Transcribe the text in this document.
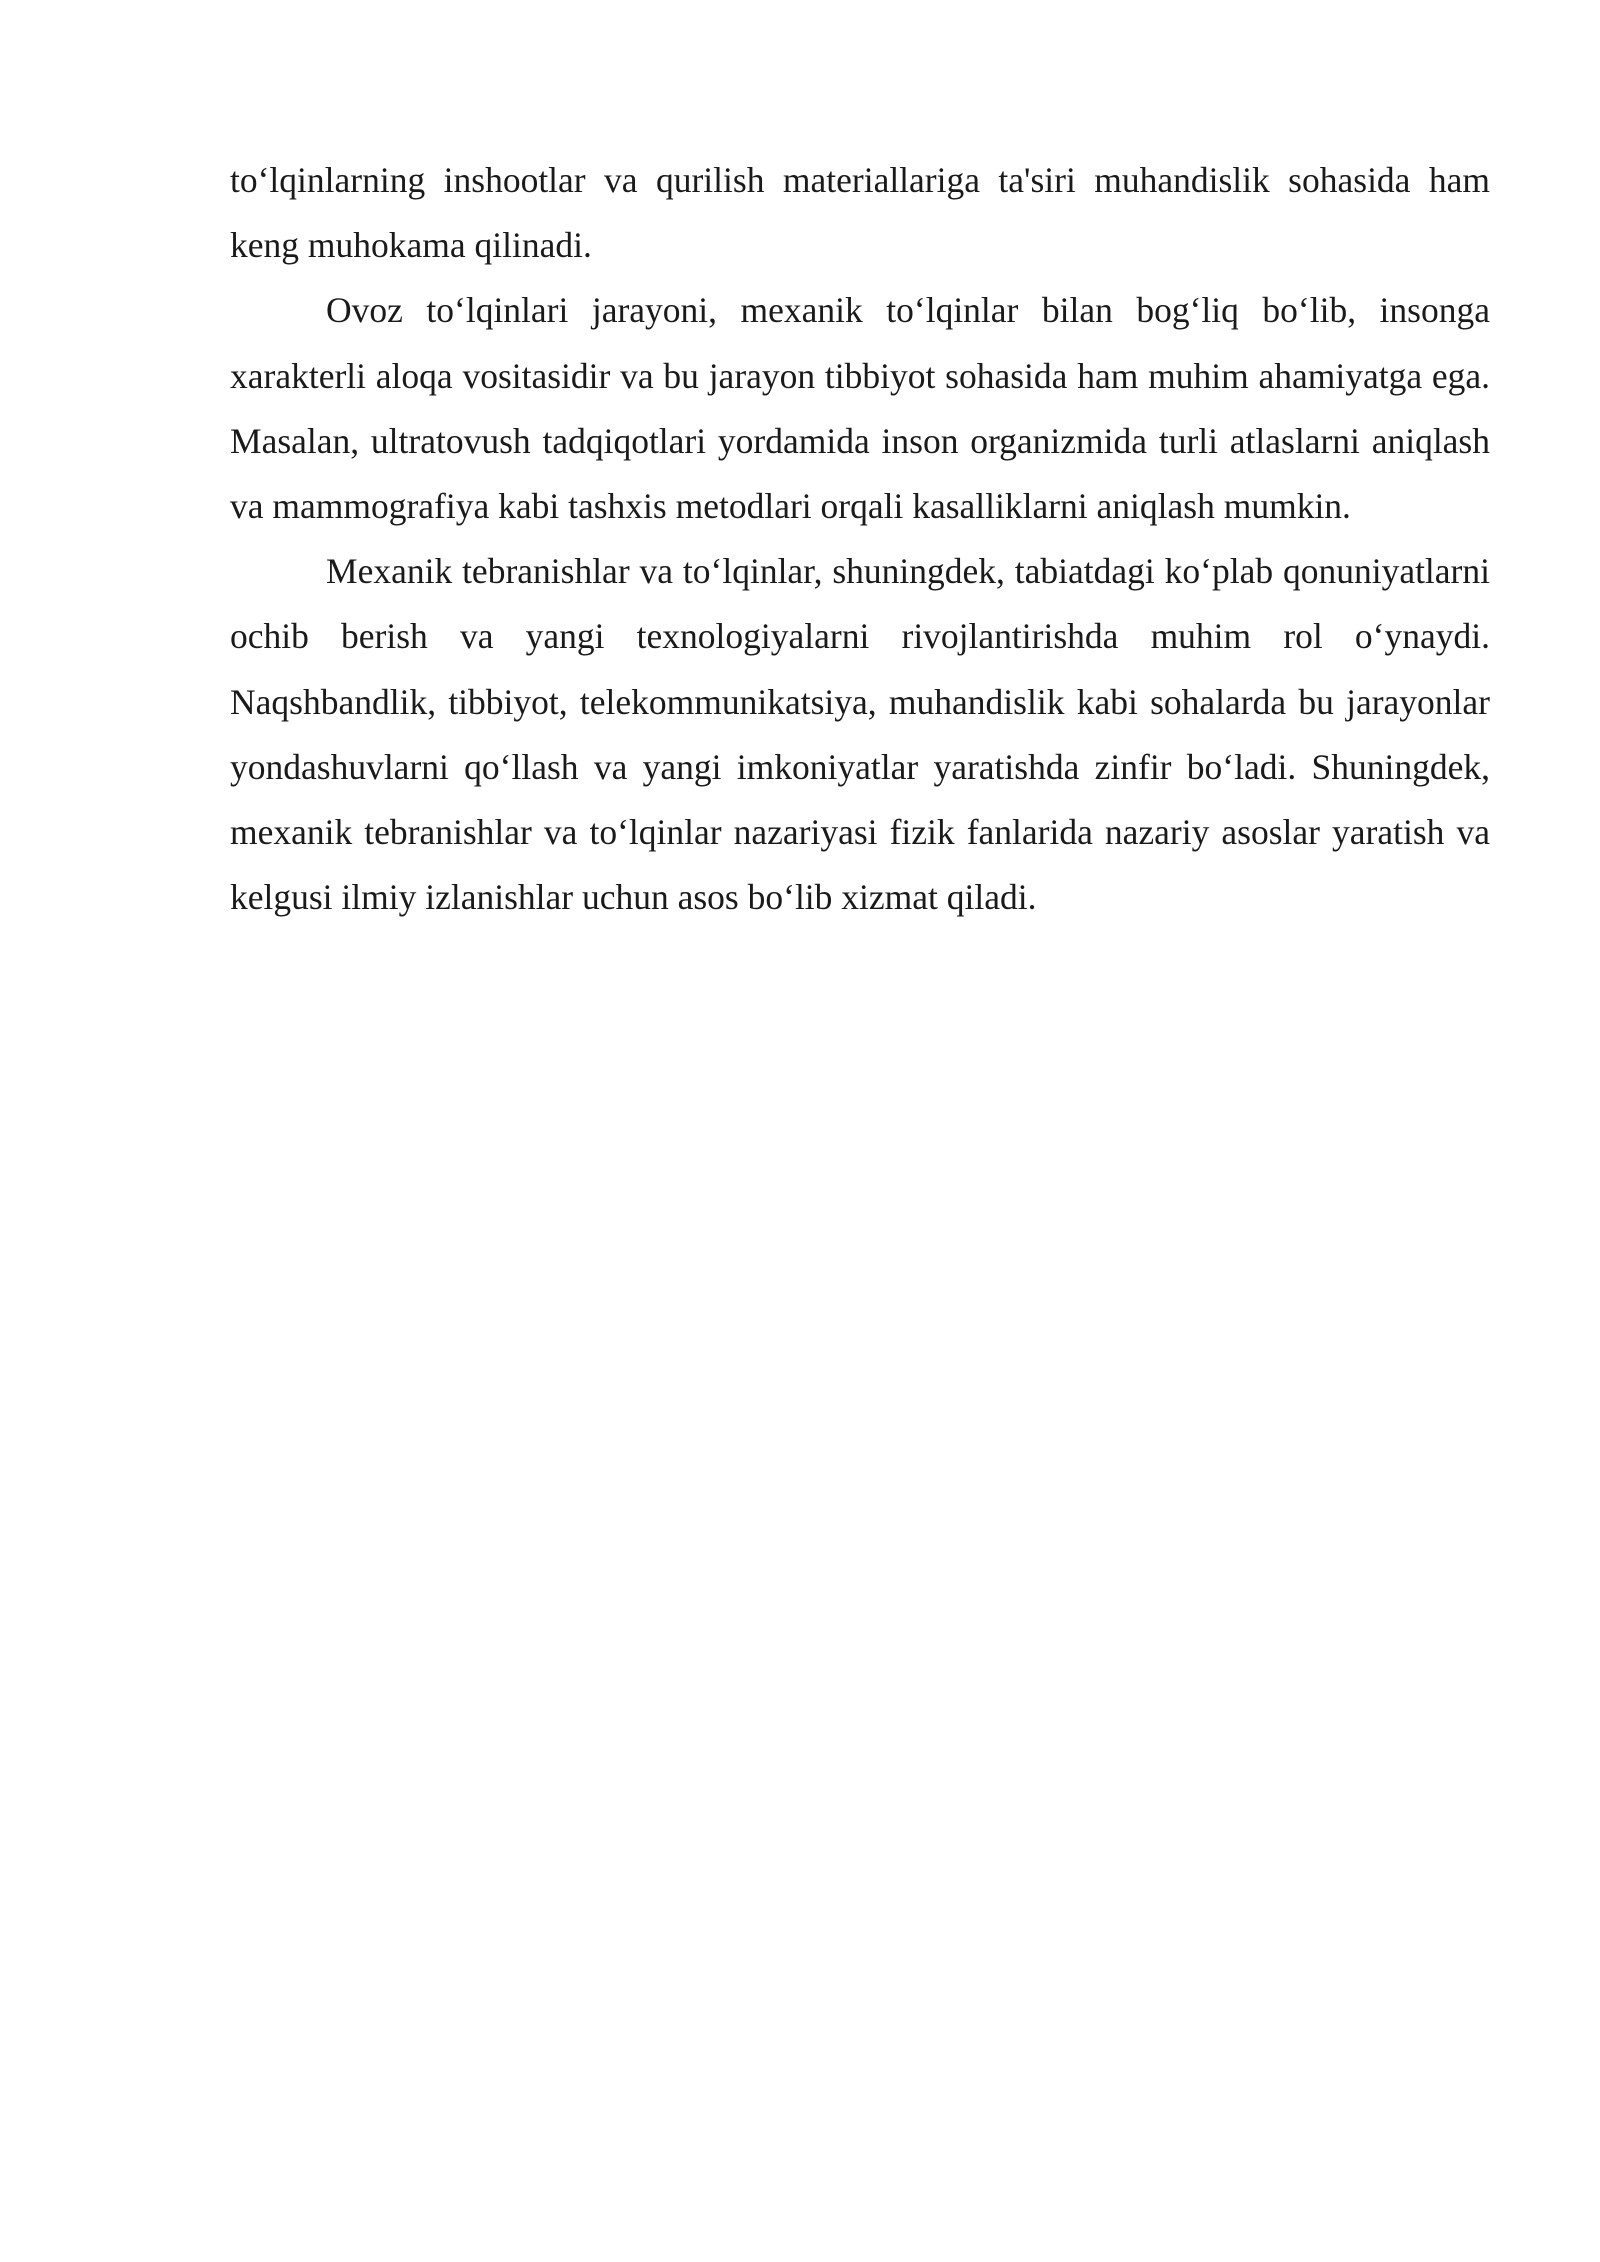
to‘lqinlarning inshootlar va qurilish materiallariga ta'siri muhandislik sohasida ham keng muhokama qilinadi.

Ovoz to‘lqinlari jarayoni, mexanik to‘lqinlar bilan bog‘liq bo‘lib, insonga xarakterli aloqa vositasidir va bu jarayon tibbiyot sohasida ham muhim ahamiyatga ega. Masalan, ultratovush tadqiqotlari yordamida inson organizmida turli atlaslarni aniqlash va mammografiya kabi tashxis metodlari orqali kasalliklarni aniqlash mumkin.

Mexanik tebranishlar va to‘lqinlar, shuningdek, tabiatdagi ko‘plab qonuniyatlarni ochib berish va yangi texnologiyalarni rivojlantirishda muhim rol o‘ynaydi. Naqshbandlik, tibbiyot, telekommunikatsiya, muhandislik kabi sohalarda bu jarayonlar yondashuvlarni qo‘llash va yangi imkoniyatlar yaratishda zinfir bo‘ladi. Shuningdek, mexanik tebranishlar va to‘lqinlar nazariyasi fizik fanlarida nazariy asoslar yaratish va kelgusi ilmiy izlanishlar uchun asos bo‘lib xizmat qiladi.
